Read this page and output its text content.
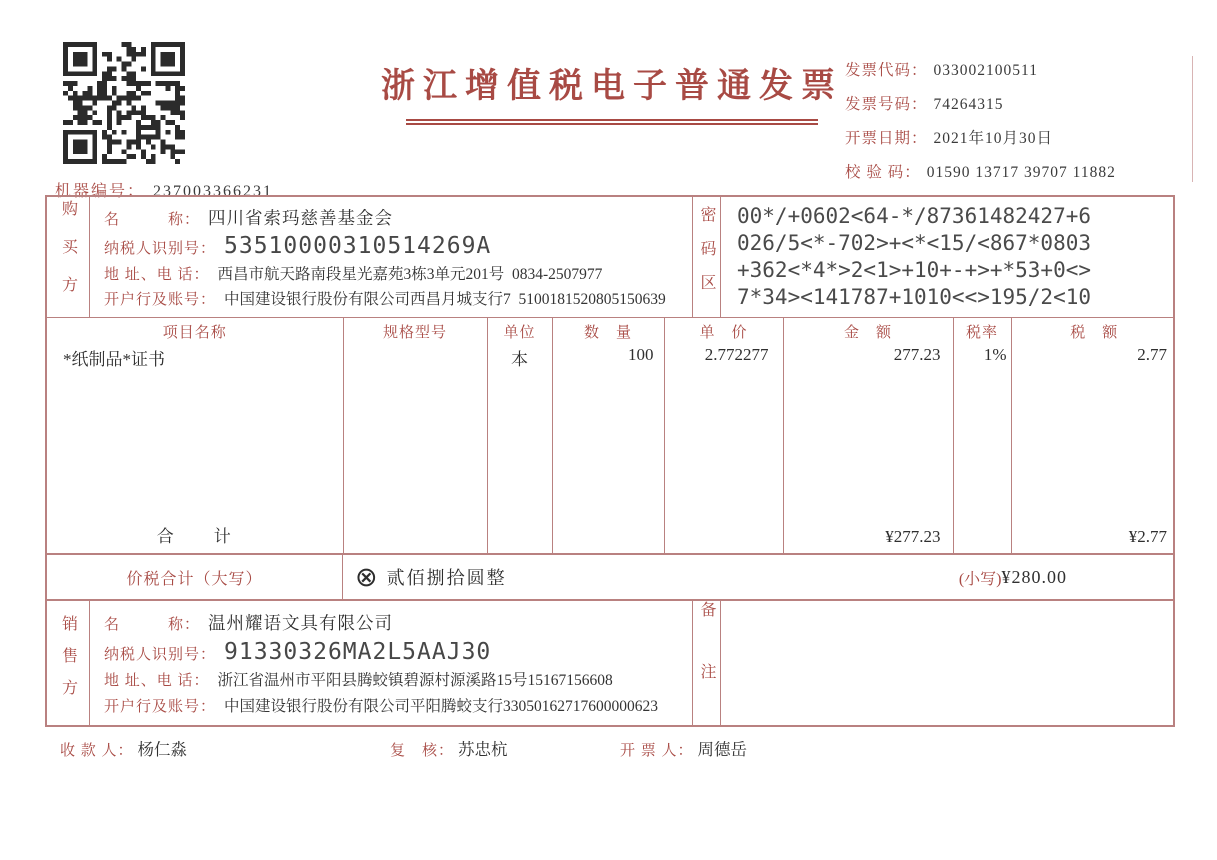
机器编号： 237003366231

浙江增值税电子普通发票 发票代码： 033002100511
发票号码： 74264315
开票日期： 2021年10月30日
校 验 码： 01590 13717 39707 11882
购买方 名　　　称： 四川省索玛慈善基金会
纳税人识别号： 53510000310514269A
地 址、电 话： 西昌市航天路南段星光嘉苑3栋3单元201号  0834-2507977
开户行及账号： 中国建设银行股份有限公司西昌月城支行7  5100181520805150639 密码区 00*/+0602<64-*/87361482427+6
026/5<*-702>+<*<15/<867*0803
+362<*4*>2<1>+10+-+>+*53+0<>
7*34><141787+1010<<>195/2<10
项目名称	规格型号	单位	数　量	单　价	金　额	税率	税　额
*纸制品*证书		本	100	2.772277	277.23	1%	2.77

合　　计					¥277.23		¥2.77
价税合计（大写）	⊗ 贰佰捌拾圆整	(小写) ¥280.00
销售方 名　　　称： 温州耀语文具有限公司
纳税人识别号： 91330326MA2L5AAJ30
地 址、电 话： 浙江省温州市平阳县腾蛟镇碧源村源溪路15号15167156608
开户行及账号： 中国建设银行股份有限公司平阳腾蛟支行33050162717600000623 备注
收 款 人： 杨仁淼	复　核： 苏忠杭	开 票 人： 周德岳
